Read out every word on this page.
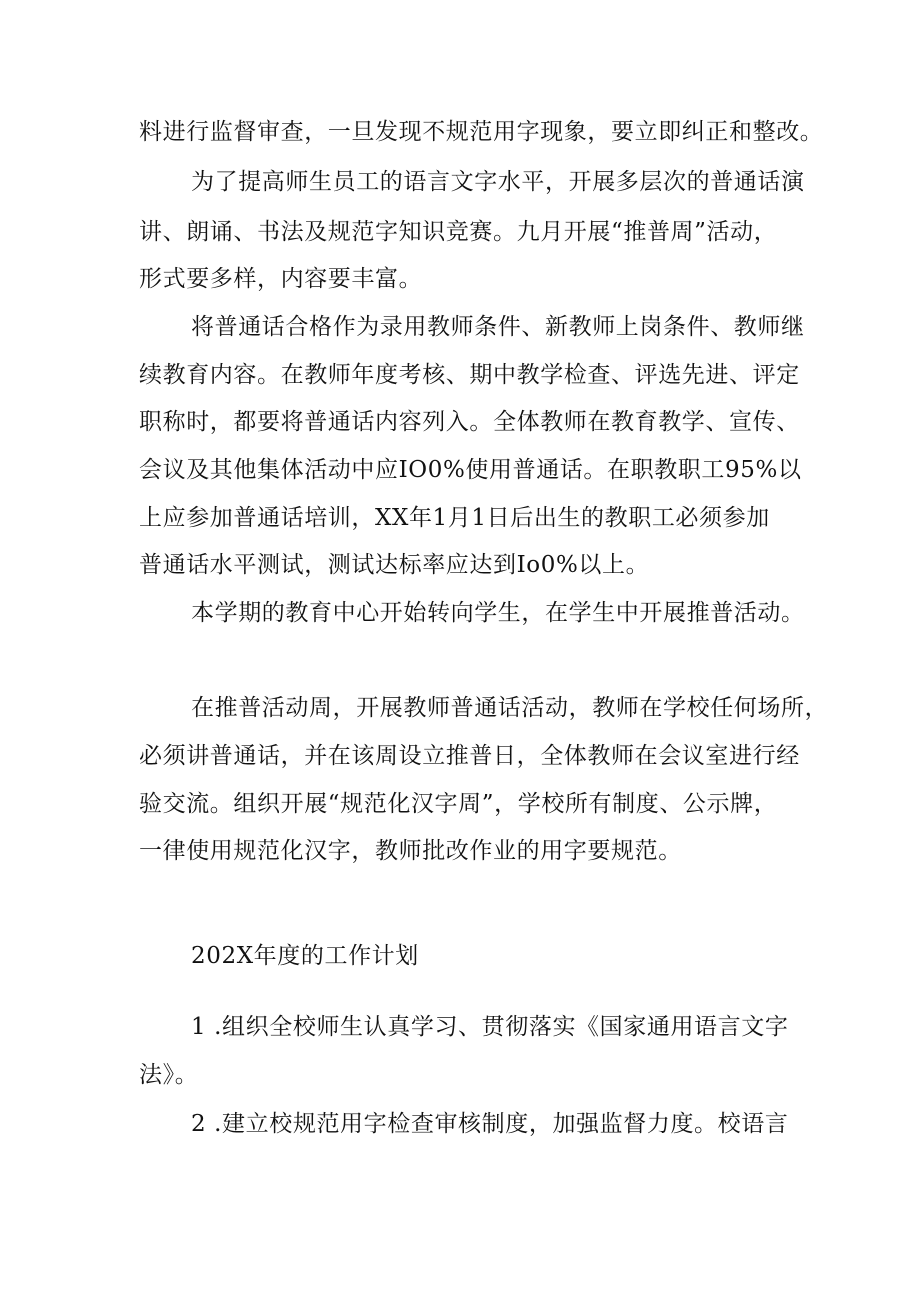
料进行监督审查，一旦发现不规范用字现象，要立即纠正和整改。
为了提高师生员工的语言文字水平，开展多层次的普通话演
讲、朗诵、书法及规范字知识竞赛。九月开展“推普周”活动，
形式要多样，内容要丰富。
将普通话合格作为录用教师条件、新教师上岗条件、教师继
续教育内容。在教师年度考核、期中教学检查、评选先进、评定
职称时，都要将普通话内容列入。全体教师在教育教学、宣传、
会议及其他集体活动中应IO0%使用普通话。在职教职工95%以
上应参加普通话培训，XX年1月1日后出生的教职工必须参加
普通话水平测试，测试达标率应达到Io0%以上。
本学期的教育中心开始转向学生，在学生中开展推普活动。
在推普活动周，开展教师普通话活动，教师在学校任何场所，
必须讲普通话，并在该周设立推普日，全体教师在会议室进行经
验交流。组织开展“规范化汉字周”，学校所有制度、公示牌，
一律使用规范化汉字，教师批改作业的用字要规范。
202X年度的工作计划
1 .组织全校师生认真学习、贯彻落实《国家通用语言文字
法》。
2 .建立校规范用字检查审核制度，加强监督力度。校语言
